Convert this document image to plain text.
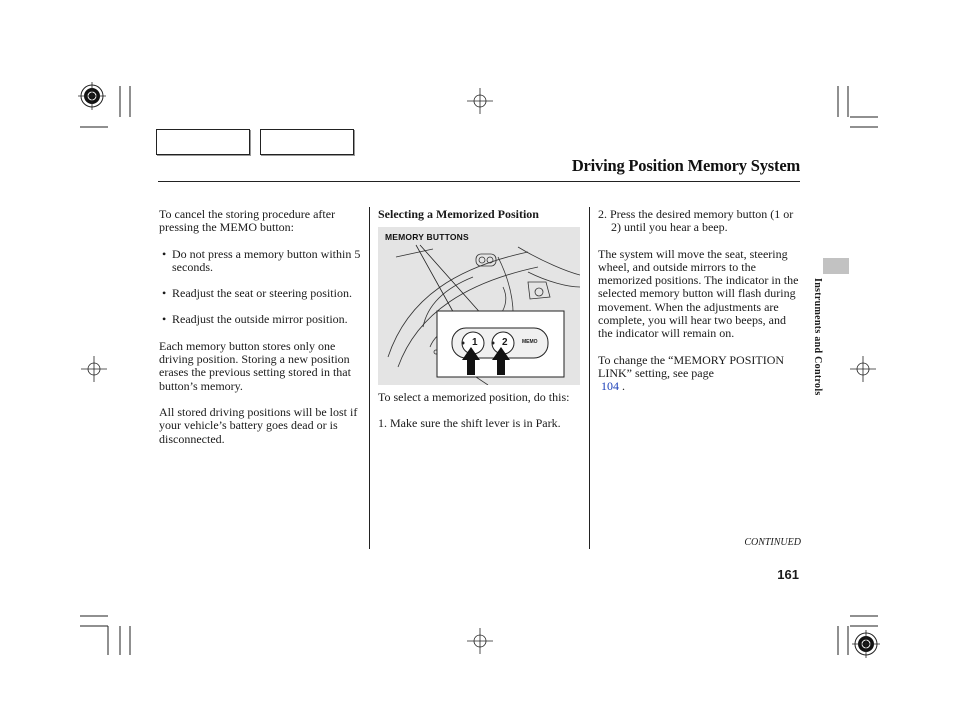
Driving Position Memory System

To cancel the storing procedure after pressing the MEMO button:

• Do not press a memory button within 5 seconds.

• Readjust the seat or steering position.

• Readjust the outside mirror position.

Each memory button stores only one driving position. Storing a new position erases the previous setting stored in that button’s memory.

All stored driving positions will be lost if your vehicle’s battery goes dead or is disconnected.

Selecting a Memorized Position

MEMORY BUTTONS
1 2	MEMO

To select a memorized position, do this:

1. Make sure the shift lever is in Park.

2. Press the desired memory button (1 or 2) until you hear a beep.

The system will move the seat, steering wheel, and outside mirrors to the memorized positions. The indicator in the selected memory button will flash during movement. When the adjustments are complete, you will hear two beeps, and the indicator will remain on.

To change the “MEMORY POSITION LINK” setting, see page
104 .	Instruments and Controls
CONTINUED
161
